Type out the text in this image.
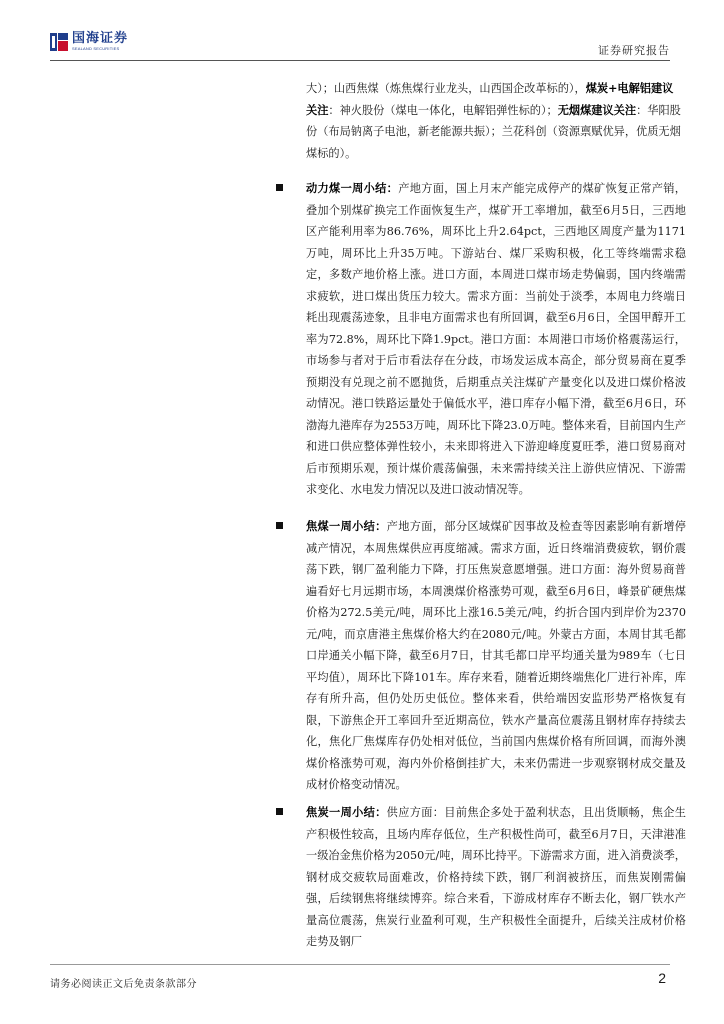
国海证券
SEALAND SECURITIES	证券研究报告
大）；山西焦煤（炼焦煤行业龙头，山西国企改革标的），煤炭+电解铝建议关注：神火股份（煤电一体化，电解铝弹性标的）；无烟煤建议关注：华阳股份（布局钠离子电池，新老能源共振）；兰花科创（资源禀赋优异，优质无烟煤标的）。
动力煤一周小结：产地方面，国上月末产能完成停产的煤矿恢复正常产销，叠加个别煤矿换完工作面恢复生产，煤矿开工率增加，截至6月5日，三西地区产能利用率为86.76%，周环比上升2.64pct，三西地区周度产量为1171万吨，周环比上升35万吨。下游站台、煤厂采购积极，化工等终端需求稳定，多数产地价格上涨。进口方面，本周进口煤市场走势偏弱，国内终端需求疲软，进口煤出货压力较大。需求方面：当前处于淡季，本周电力终端日耗出现震荡迹象，且非电方面需求也有所回调，截至6月6日，全国甲醇开工率为72.8%，周环比下降1.9pct。港口方面：本周港口市场价格震荡运行，市场参与者对于后市看法存在分歧，市场发运成本高企，部分贸易商在夏季预期没有兑现之前不愿抛货，后期重点关注煤矿产量变化以及进口煤价格波动情况。港口铁路运量处于偏低水平，港口库存小幅下滑，截至6月6日，环渤海九港库存为2553万吨，周环比下降23.0万吨。整体来看，目前国内生产和进口供应整体弹性较小，未来即将进入下游迎峰度夏旺季，港口贸易商对后市预期乐观，预计煤价震荡偏强，未来需持续关注上游供应情况、下游需求变化、水电发力情况以及进口波动情况等。
焦煤一周小结：产地方面，部分区域煤矿因事故及检查等因素影响有新增停减产情况，本周焦煤供应再度缩减。需求方面，近日终端消费疲软，钢价震荡下跌，钢厂盈利能力下降，打压焦炭意愿增强。进口方面：海外贸易商普遍看好七月远期市场，本周澳煤价格涨势可观，截至6月6日，峰景矿硬焦煤价格为272.5美元/吨，周环比上涨16.5美元/吨，约折合国内到岸价为2370元/吨，而京唐港主焦煤价格大约在2080元/吨。外蒙古方面，本周甘其毛都口岸通关小幅下降，截至6月7日，甘其毛都口岸平均通关量为989车（七日平均值），周环比下降101车。库存来看，随着近期终端焦化厂进行补库，库存有所升高，但仍处历史低位。整体来看，供给端因安监形势严格恢复有限，下游焦企开工率回升至近期高位，铁水产量高位震荡且钢材库存持续去化，焦化厂焦煤库存仍处相对低位，当前国内焦煤价格有所回调，而海外澳煤价格涨势可观，海内外价格倒挂扩大，未来仍需进一步观察钢材成交量及成材价格变动情况。
焦炭一周小结：供应方面：目前焦企多处于盈利状态，且出货顺畅，焦企生产积极性较高，且场内库存低位，生产积极性尚可，截至6月7日，天津港准一级冶金焦价格为2050元/吨，周环比持平。下游需求方面，进入消费淡季，钢材成交疲软局面难改，价格持续下跌，钢厂利润被挤压，而焦炭刚需偏强，后续钢焦将继续博弈。综合来看，下游成材库存不断去化，钢厂铁水产量高位震荡，焦炭行业盈利可观，生产积极性全面提升，后续关注成材价格走势及钢厂
请务必阅读正文后免责条款部分	2
